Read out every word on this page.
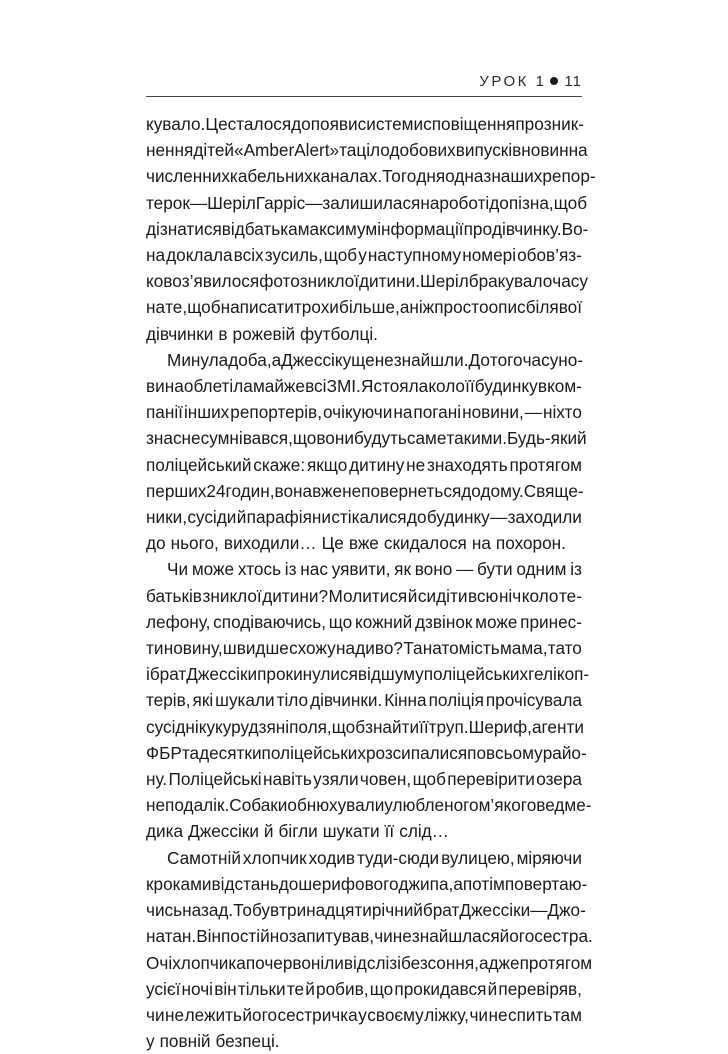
УРОК 1 11
кувало. Це сталося до появи системи сповіщення про зник-
нення дітей «Amber Alert» та цілодобових випусків новин на
численних кабельних каналах. Того дня одна з наших репор-
терок — Шеріл Гарріс — залишилася на роботі допізна, щоб
дізнатися від батька максимум інформації про дівчинку. Во-
на доклала всіх зусиль, щоб у наступному номері обов’яз-
ково з’явилося фото зниклої дитини. Шеріл бракувало часу
на те, щоб написати трохи більше, аніж просто опис білявої
дівчинки в рожевій футболці.
Минула доба, а Джессіку ще не знайшли. До того часу но-
вина облетіла майже всі ЗМІ. Я стояла коло її будинку в ком-
панії інших репортерів, очікуючи на погані новини, — ніхто
з нас не сумнівався, що вони будуть саме такими. Будь-який
поліцейський скаже: якщо дитину не знаходять протягом
перших 24 годин, вона вже не повернеться додому. Свяще-
ники, сусіди й парафіяни стікалися до будинку — заходили
до нього, виходили… Це вже скидалося на похорон.
Чи може хтось із нас уявити, як воно — бути одним із
батьків зниклої дитини? Молитися й сидіти всю ніч коло те-
лефону, сподіваючись, що кожний дзвінок може принес-
ти новину, швидше схожу на диво? Та натомість мама, тато
і брат Джессіки прокинулися від шуму поліцейських гелікоп-
терів, які шукали тіло дівчинки. Кінна поліція прочісувала
сусідні кукурудзяні поля, щоб знайти її труп. Шериф, агенти
ФБР та десятки поліцейських розсипалися по всьому райо-
ну. Поліцейські навіть узяли човен, щоб перевірити озера
неподалік. Собаки обнюхували улюбленого м’якого ведме-
дика Джессіки й бігли шукати її слід…
Самотній хлопчик ходив туди-сюди вулицею, міряючи
кроками відстань до шерифового джипа, а потім повертаю-
чись назад. То був тринадцятирічний брат Джессіки — Джо-
натан. Він постійно запитував, чи не знайшлася його сестра.
Очі хлопчика почервоніли від сліз і безсоння, адже протягом
усієї ночі він тільки те й робив, що прокидався й перевіряв,
чи не лежить його сестричка у своєму ліжку, чи не спить там
у повній безпеці.
